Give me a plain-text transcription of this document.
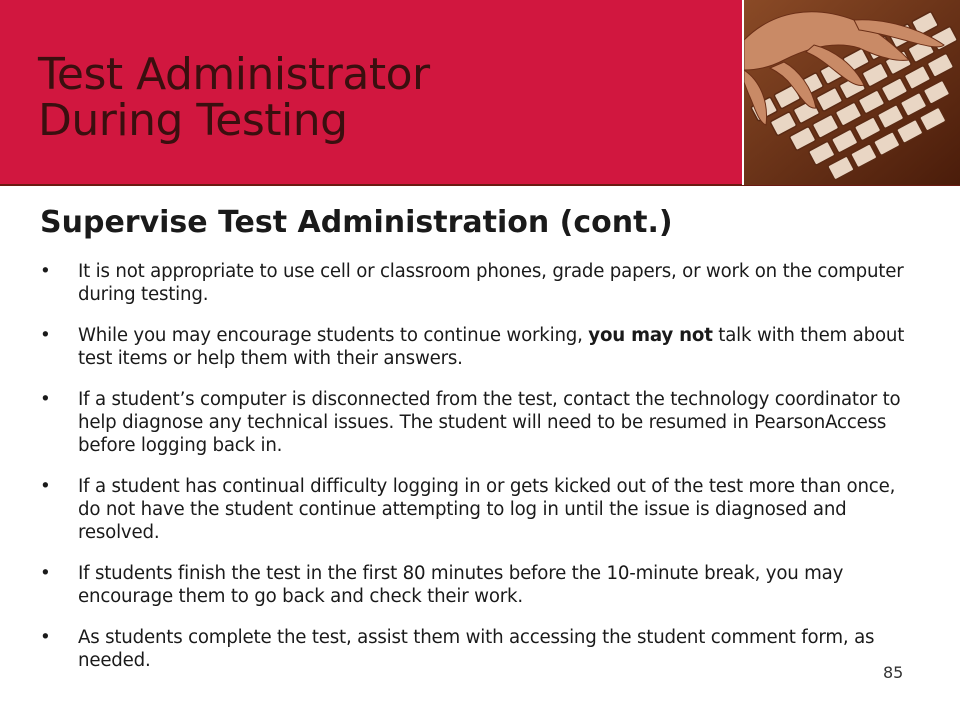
Test Administrator
During Testing
Supervise Test Administration (cont.)
• It is not appropriate to use cell or classroom phones, grade papers, or work on the computer during testing.
• While you may encourage students to continue working, you may not talk with them about test items or help them with their answers.
• If a student’s computer is disconnected from the test, contact the technology coordinator to help diagnose any technical issues. The student will need to be resumed in PearsonAccess before logging back in.
• If a student has continual difficulty logging in or gets kicked out of the test more than once, do not have the student continue attempting to log in until the issue is diagnosed and resolved.
• If students finish the test in the first 80 minutes before the 10-minute break, you may encourage them to go back and check their work.
• As students complete the test, assist them with accessing the student comment form, as needed.
85
